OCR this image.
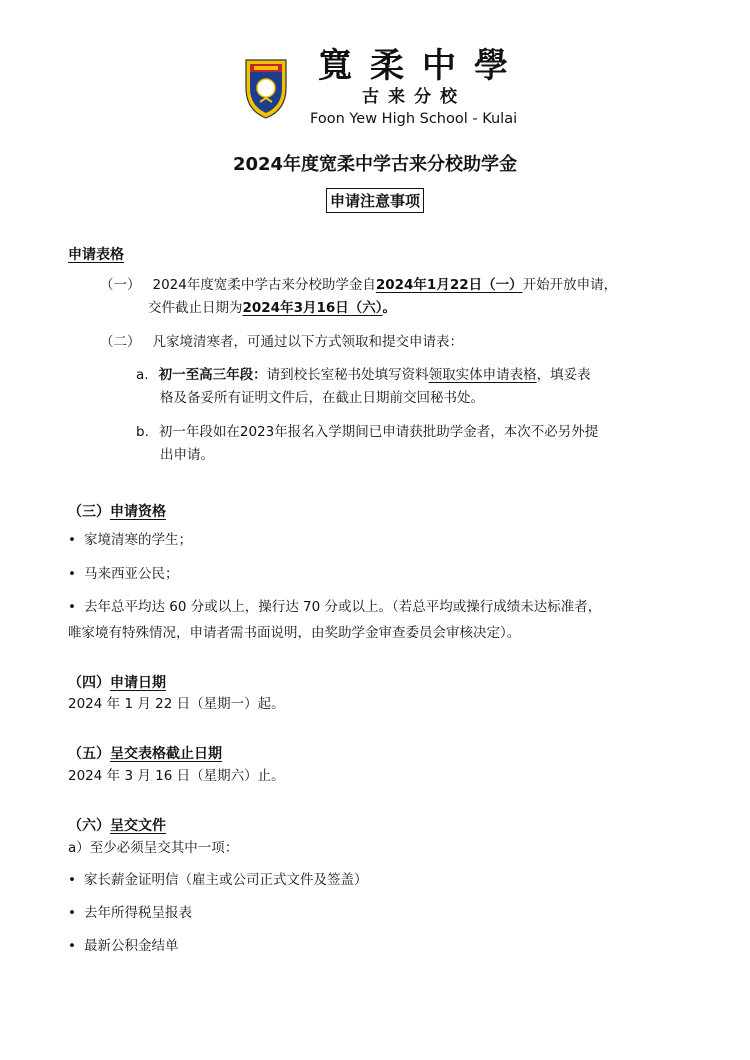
寬柔中學
古来分校
Foon Yew High School - Kulai
2024年度宽柔中学古来分校助学金
申请注意事项
申请表格
（一） 2024年度宽柔中学古来分校助学金自2024年1月22日（一）开始开放申请，
交件截止日期为2024年3月16日（六）。
（二） 凡家境清寒者，可通过以下方式领取和提交申请表：
a. 初一至高三年段：请到校长室秘书处填写资料领取实体申请表格，填妥表
格及备妥所有证明文件后，在截止日期前交回秘书处。
b. 初一年段如在2023年报名入学期间已申请获批助学金者，本次不必另外提
出申请。
（三）申请资格
• 家境清寒的学生；
• 马来西亚公民；
• 去年总平均达 60 分或以上，操行达 70 分或以上。（若总平均或操行成绩未达标准者，
唯家境有特殊情况，申请者需书面说明，由奖助学金审查委员会审核决定）。
（四）申请日期
2024 年 1 月 22 日（星期一）起。
（五）呈交表格截止日期
2024 年 3 月 16 日（星期六）止。
（六）呈交文件
a）至少必须呈交其中一项：
• 家长薪金证明信（雇主或公司正式文件及签盖）
• 去年所得税呈报表
• 最新公积金结单
